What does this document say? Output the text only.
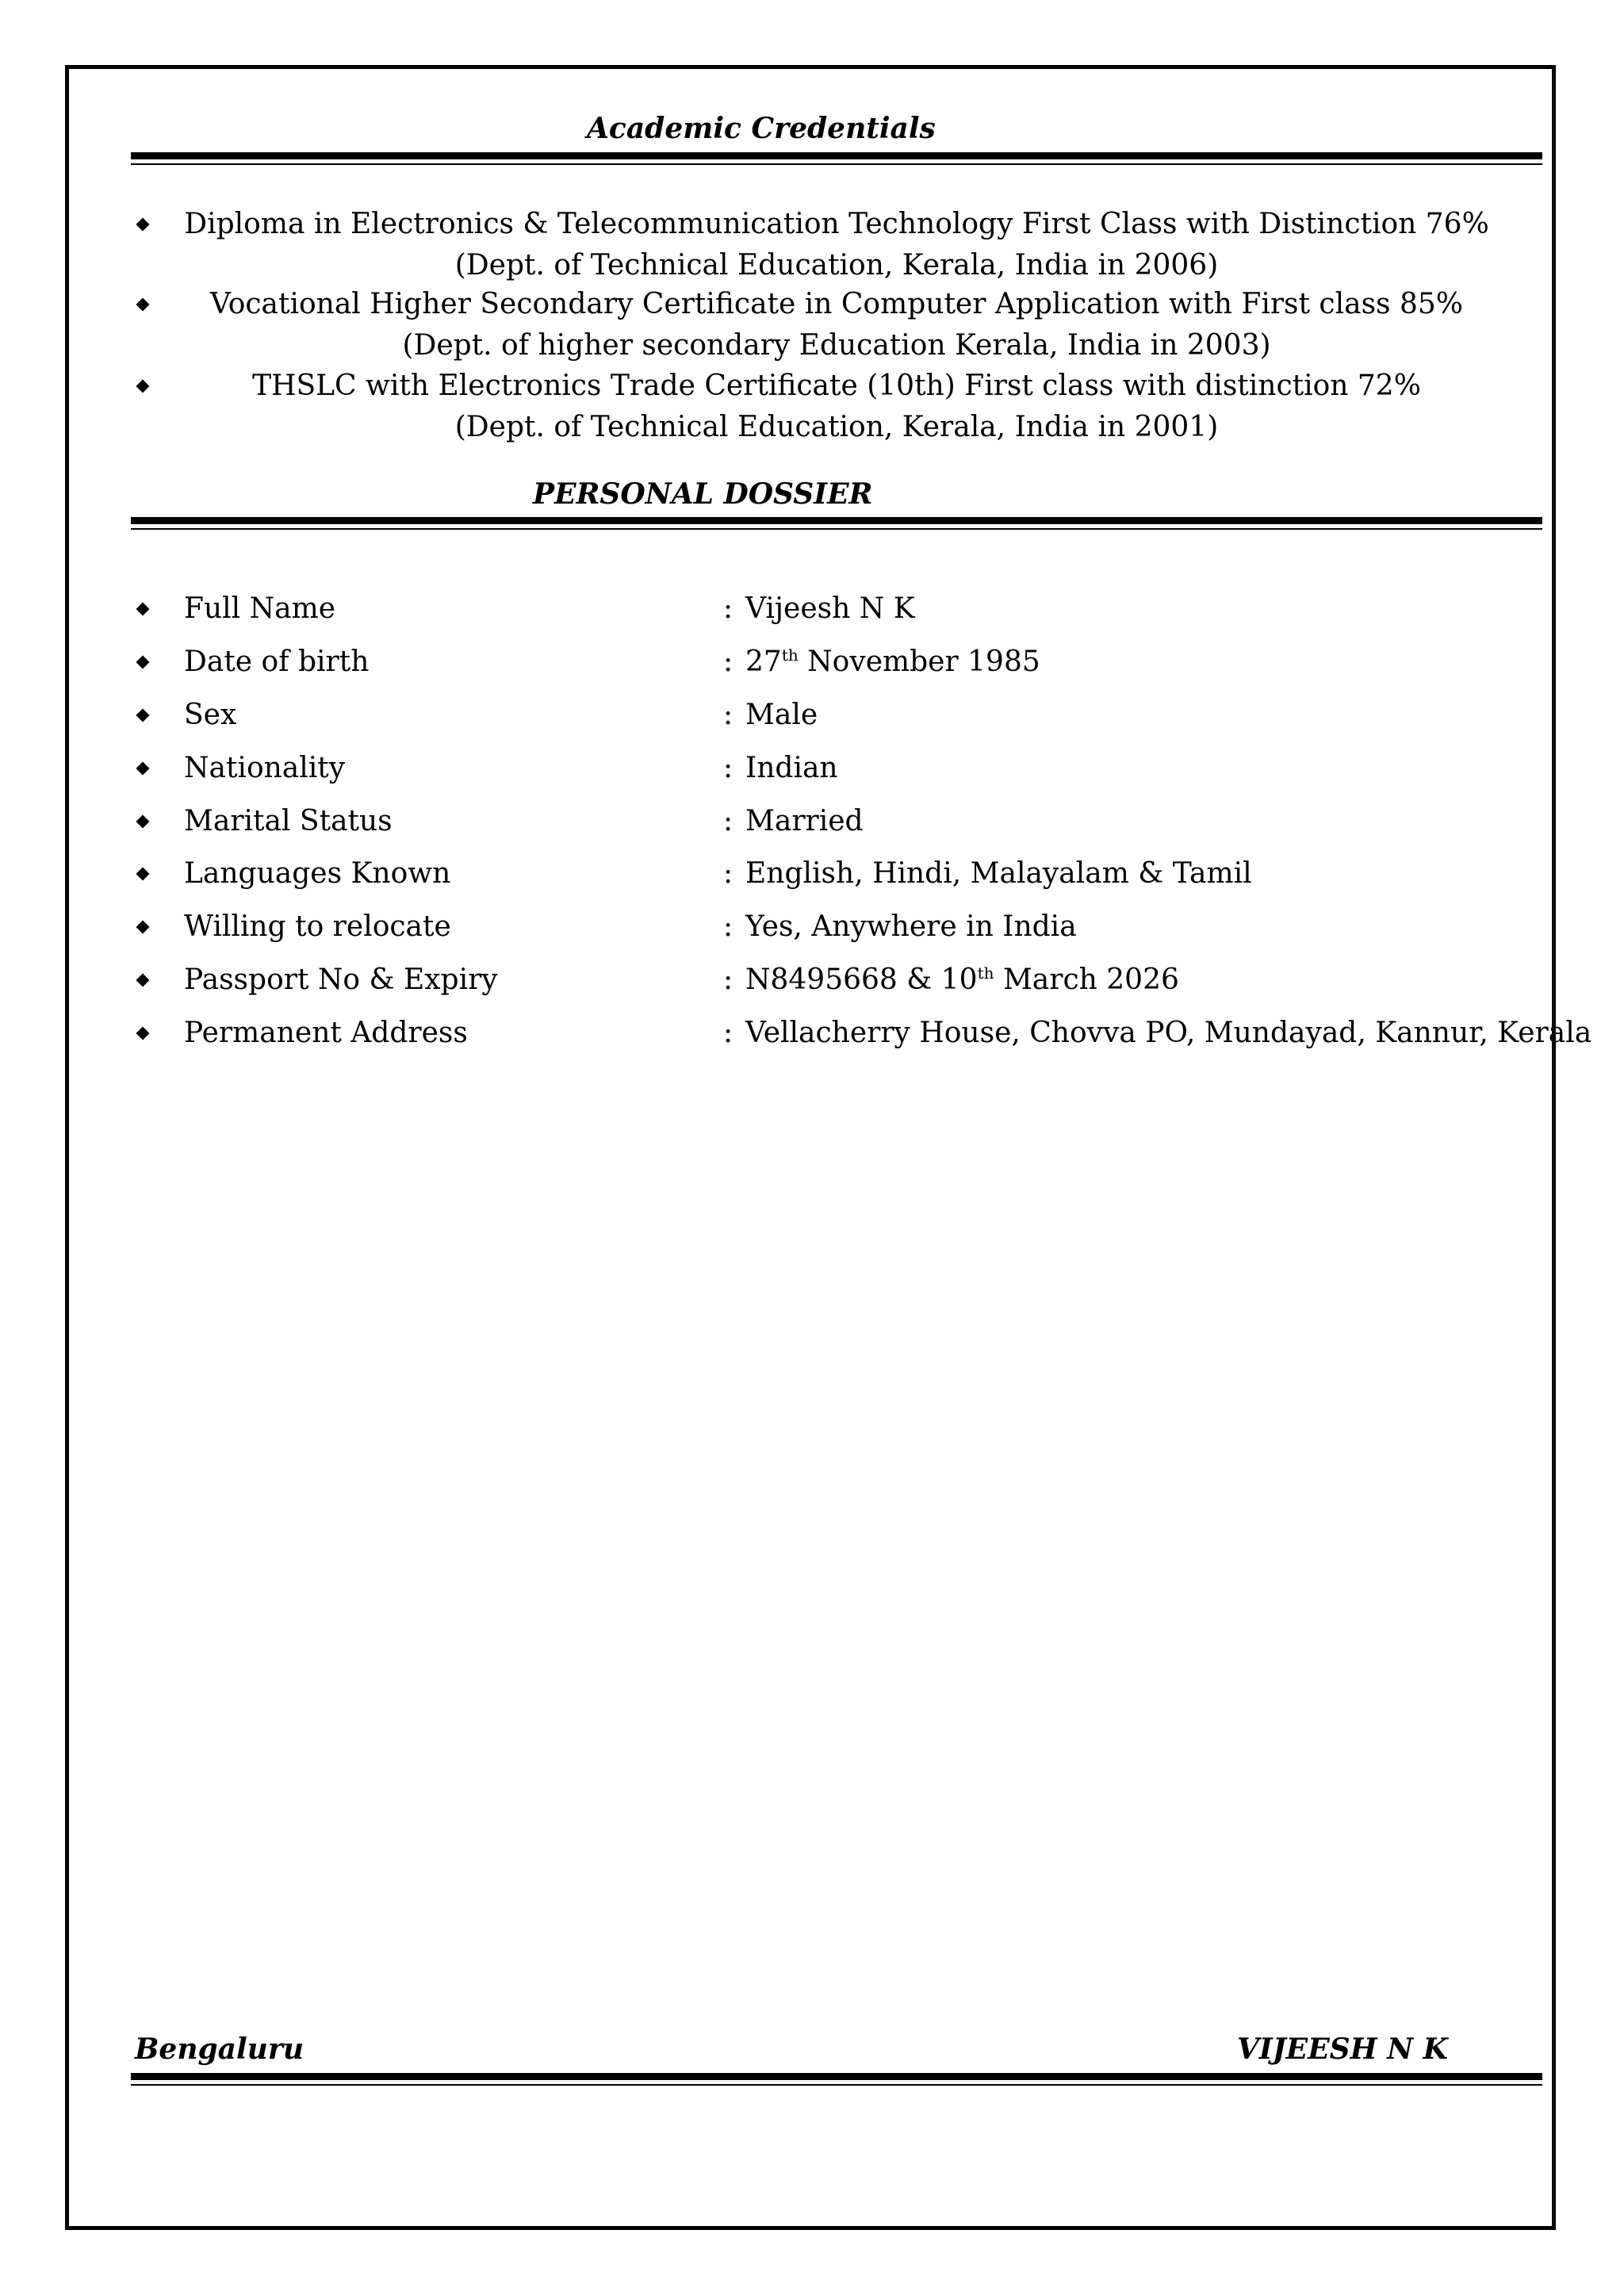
Academic Credentials
Diploma in Electronics & Telecommunication Technology First Class with Distinction 76%
(Dept. of Technical Education, Kerala, India in 2006)
Vocational Higher Secondary Certificate in Computer Application with First class 85%
(Dept. of higher secondary Education Kerala, India in 2003)
THSLC with Electronics Trade Certificate (10th) First class with distinction 72%
(Dept. of Technical Education, Kerala, India in 2001)
PERSONAL DOSSIER
Full Name	: Vijeesh N K
Date of birth	: 27th November 1985
Sex	: Male
Nationality	: Indian
Marital Status	: Married
Languages Known	: English, Hindi, Malayalam & Tamil
Willing to relocate	: Yes, Anywhere in India
Passport No & Expiry	: N8495668 & 10th March 2026
Permanent Address	: Vellacherry House, Chovva PO, Mundayad, Kannur, Kerala
Bengaluru	VIJEESH N K
